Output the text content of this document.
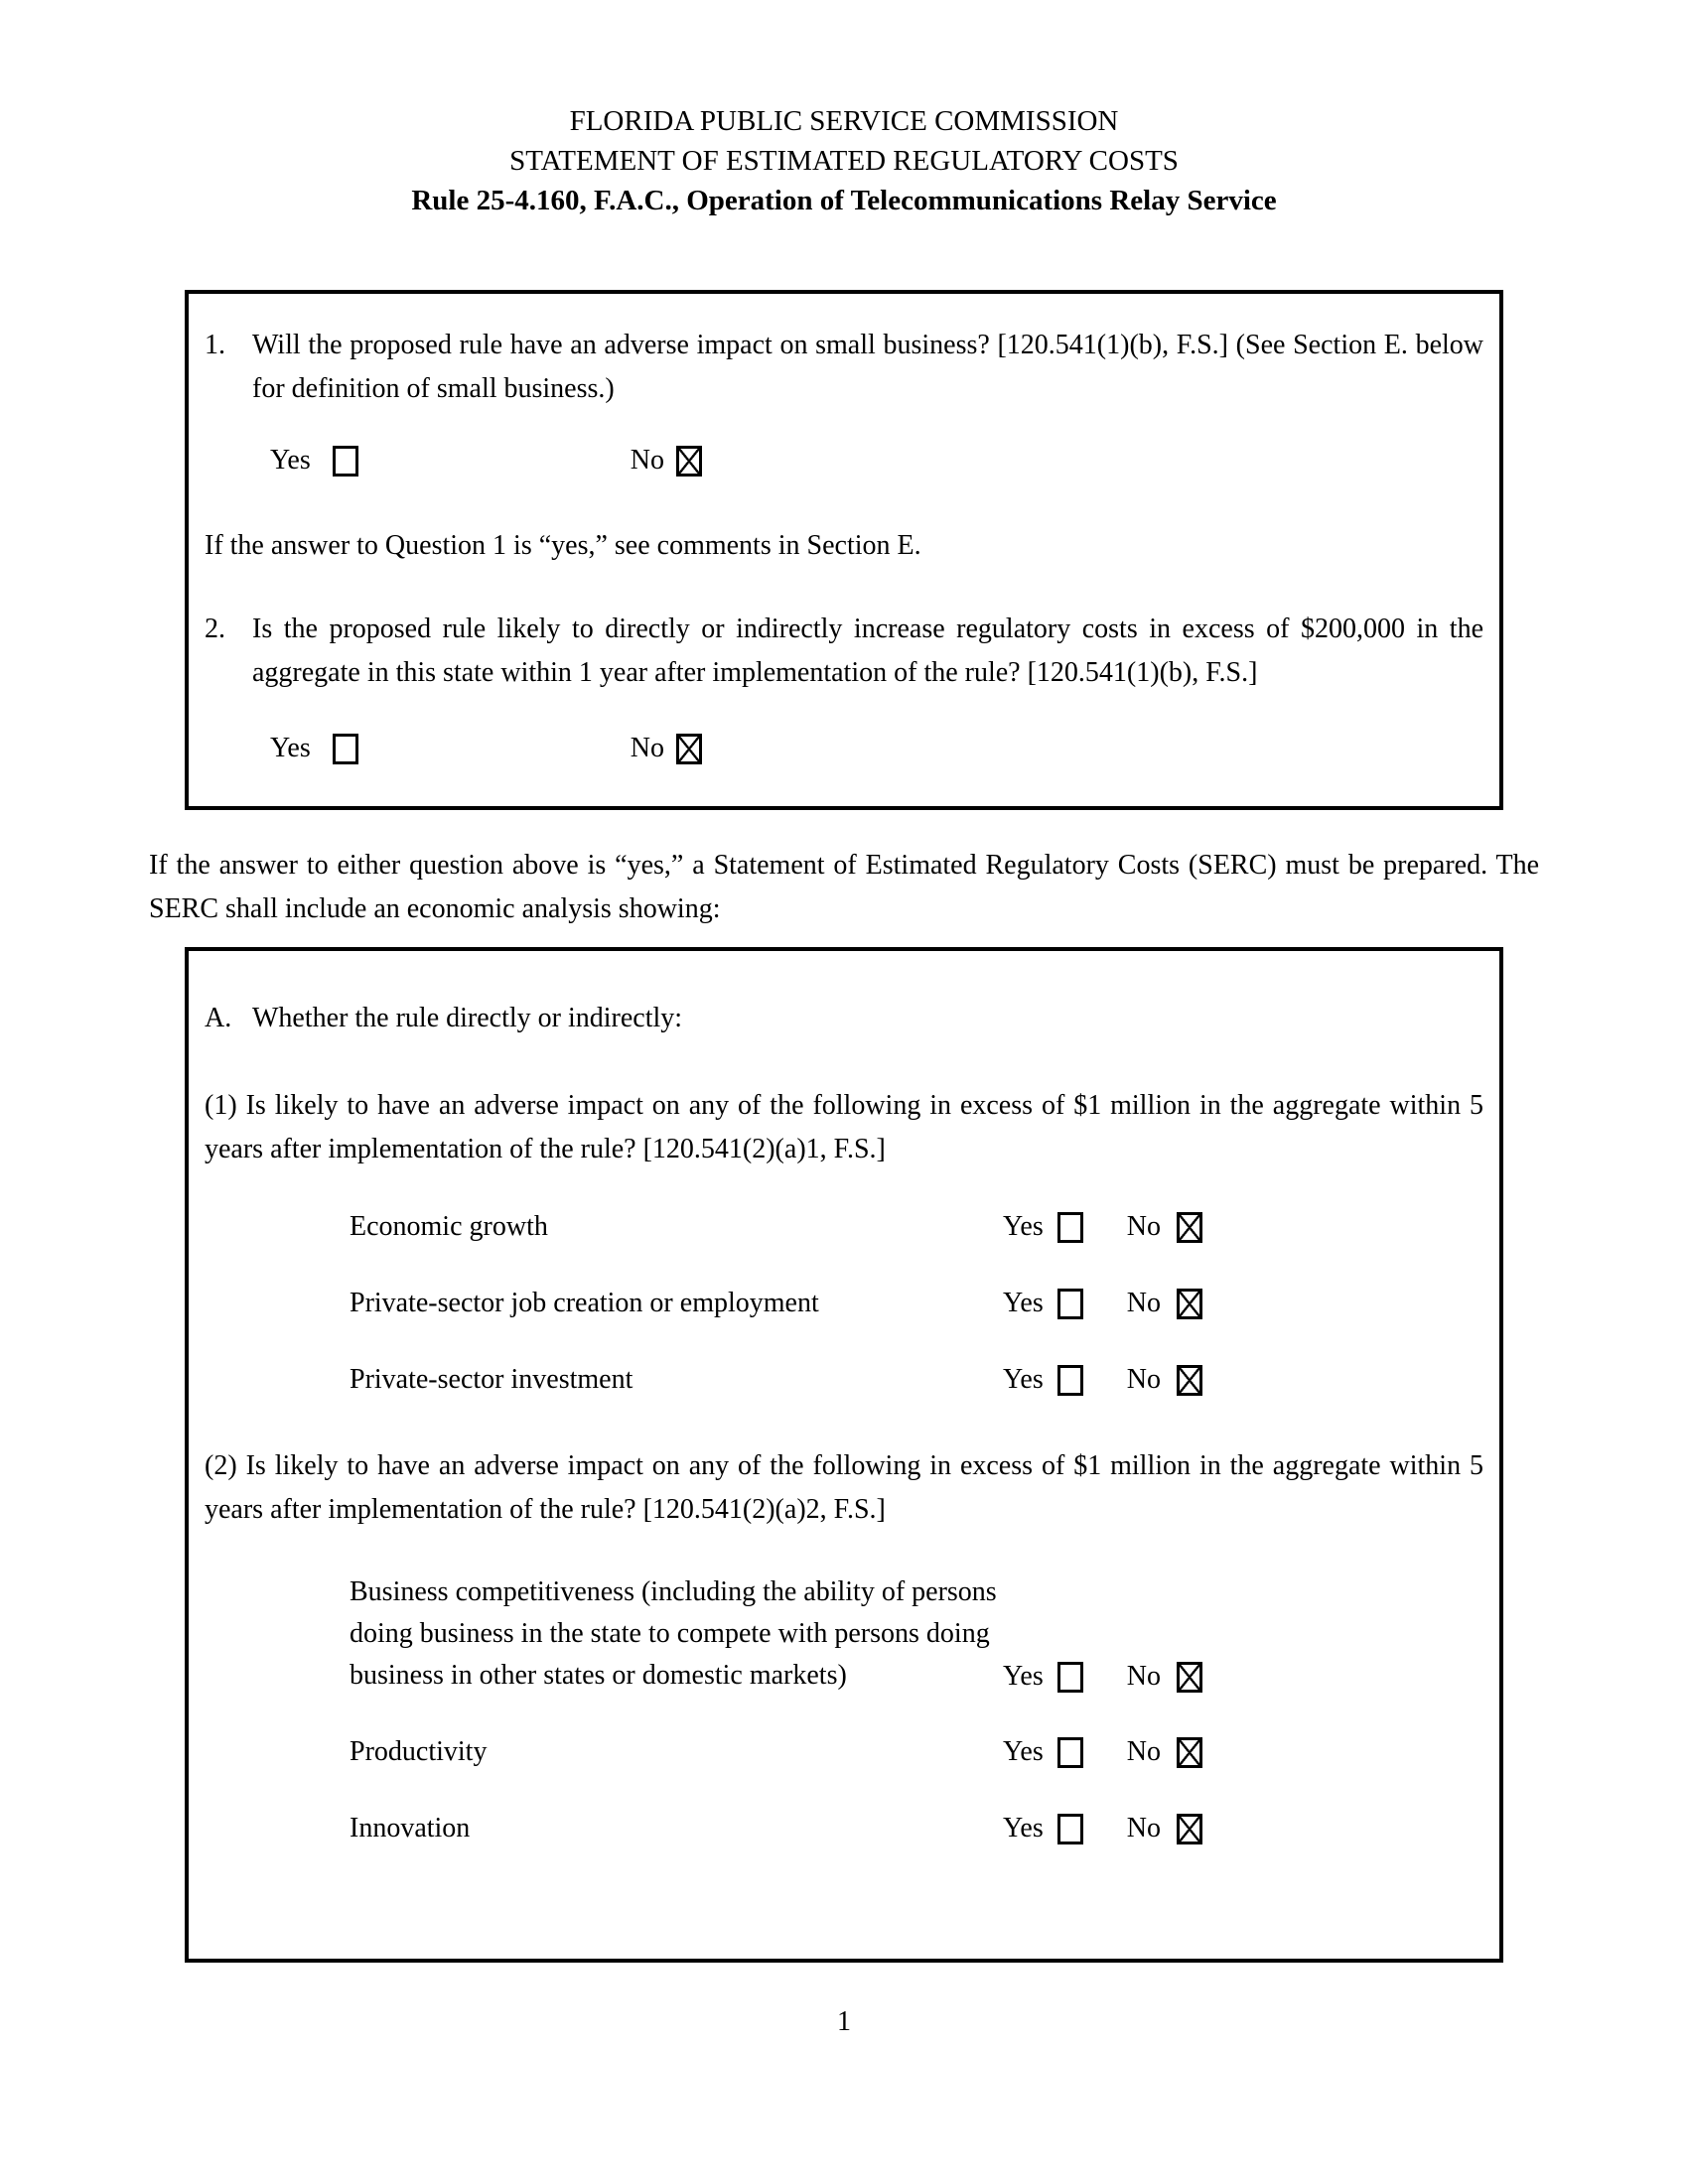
FLORIDA PUBLIC SERVICE COMMISSION
STATEMENT OF ESTIMATED REGULATORY COSTS
Rule 25-4.160, F.A.C., Operation of Telecommunications Relay Service
1. Will the proposed rule have an adverse impact on small business? [120.541(1)(b), F.S.] (See Section E. below for definition of small business.)
Yes	No

If the answer to Question 1 is “yes,” see comments in Section E.

2. Is the proposed rule likely to directly or indirectly increase regulatory costs in excess of $200,000 in the aggregate in this state within 1 year after implementation of the rule? [120.541(1)(b), F.S.]
Yes	No

If the answer to either question above is “yes,” a Statement of Estimated Regulatory Costs (SERC) must be prepared. The SERC shall include an economic analysis showing:

A. Whether the rule directly or indirectly:

(1) Is likely to have an adverse impact on any of the following in excess of $1 million in the aggregate within 5 years after implementation of the rule? [120.541(2)(a)1, F.S.]

Economic growth	Yes	No
Private-sector job creation or employment	Yes	No
Private-sector investment	Yes	No

(2) Is likely to have an adverse impact on any of the following in excess of $1 million in the aggregate within 5 years after implementation of the rule? [120.541(2)(a)2, F.S.]

Business competitiveness (including the ability of persons doing business in the state to compete with persons doing business in other states or domestic markets)	Yes	No
Productivity	Yes	No
Innovation	Yes	No
1
